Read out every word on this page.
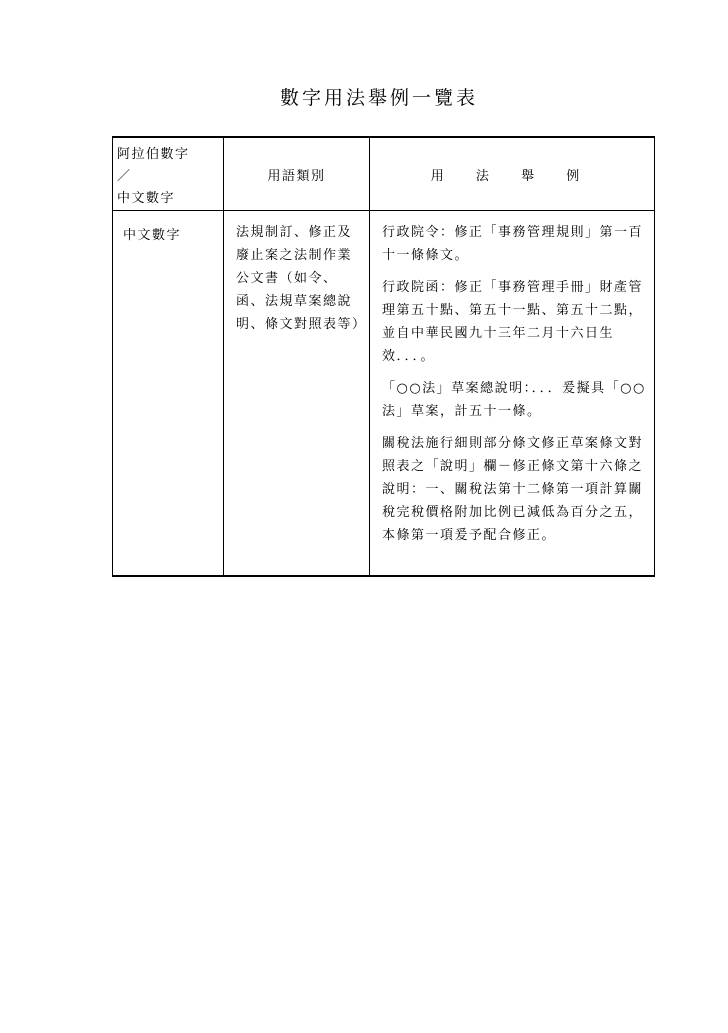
數字用法舉例一覽表
阿拉伯數字
／
中文數字	用語類別	用 法 舉 例
中文數字	法規制訂、修正及廢止案之法制作業公文書（如令、函、法規草案總說明、條文對照表等）	行政院令：修正「事務管理規則」第一百十一條條文。

行政院函：修正「事務管理手冊」財產管理第五十點、第五十一點、第五十二點，並自中華民國九十三年二月十六日生效．．．。

「○○法」草案總說明：．．．爰擬具「○○法」草案，計五十一條。

關稅法施行細則部分條文修正草案條文對照表之「說明」欄－修正條文第十六條之說明：一、關稅法第十二條第一項計算關稅完稅價格附加比例已減低為百分之五，本條第一項爰予配合修正。
